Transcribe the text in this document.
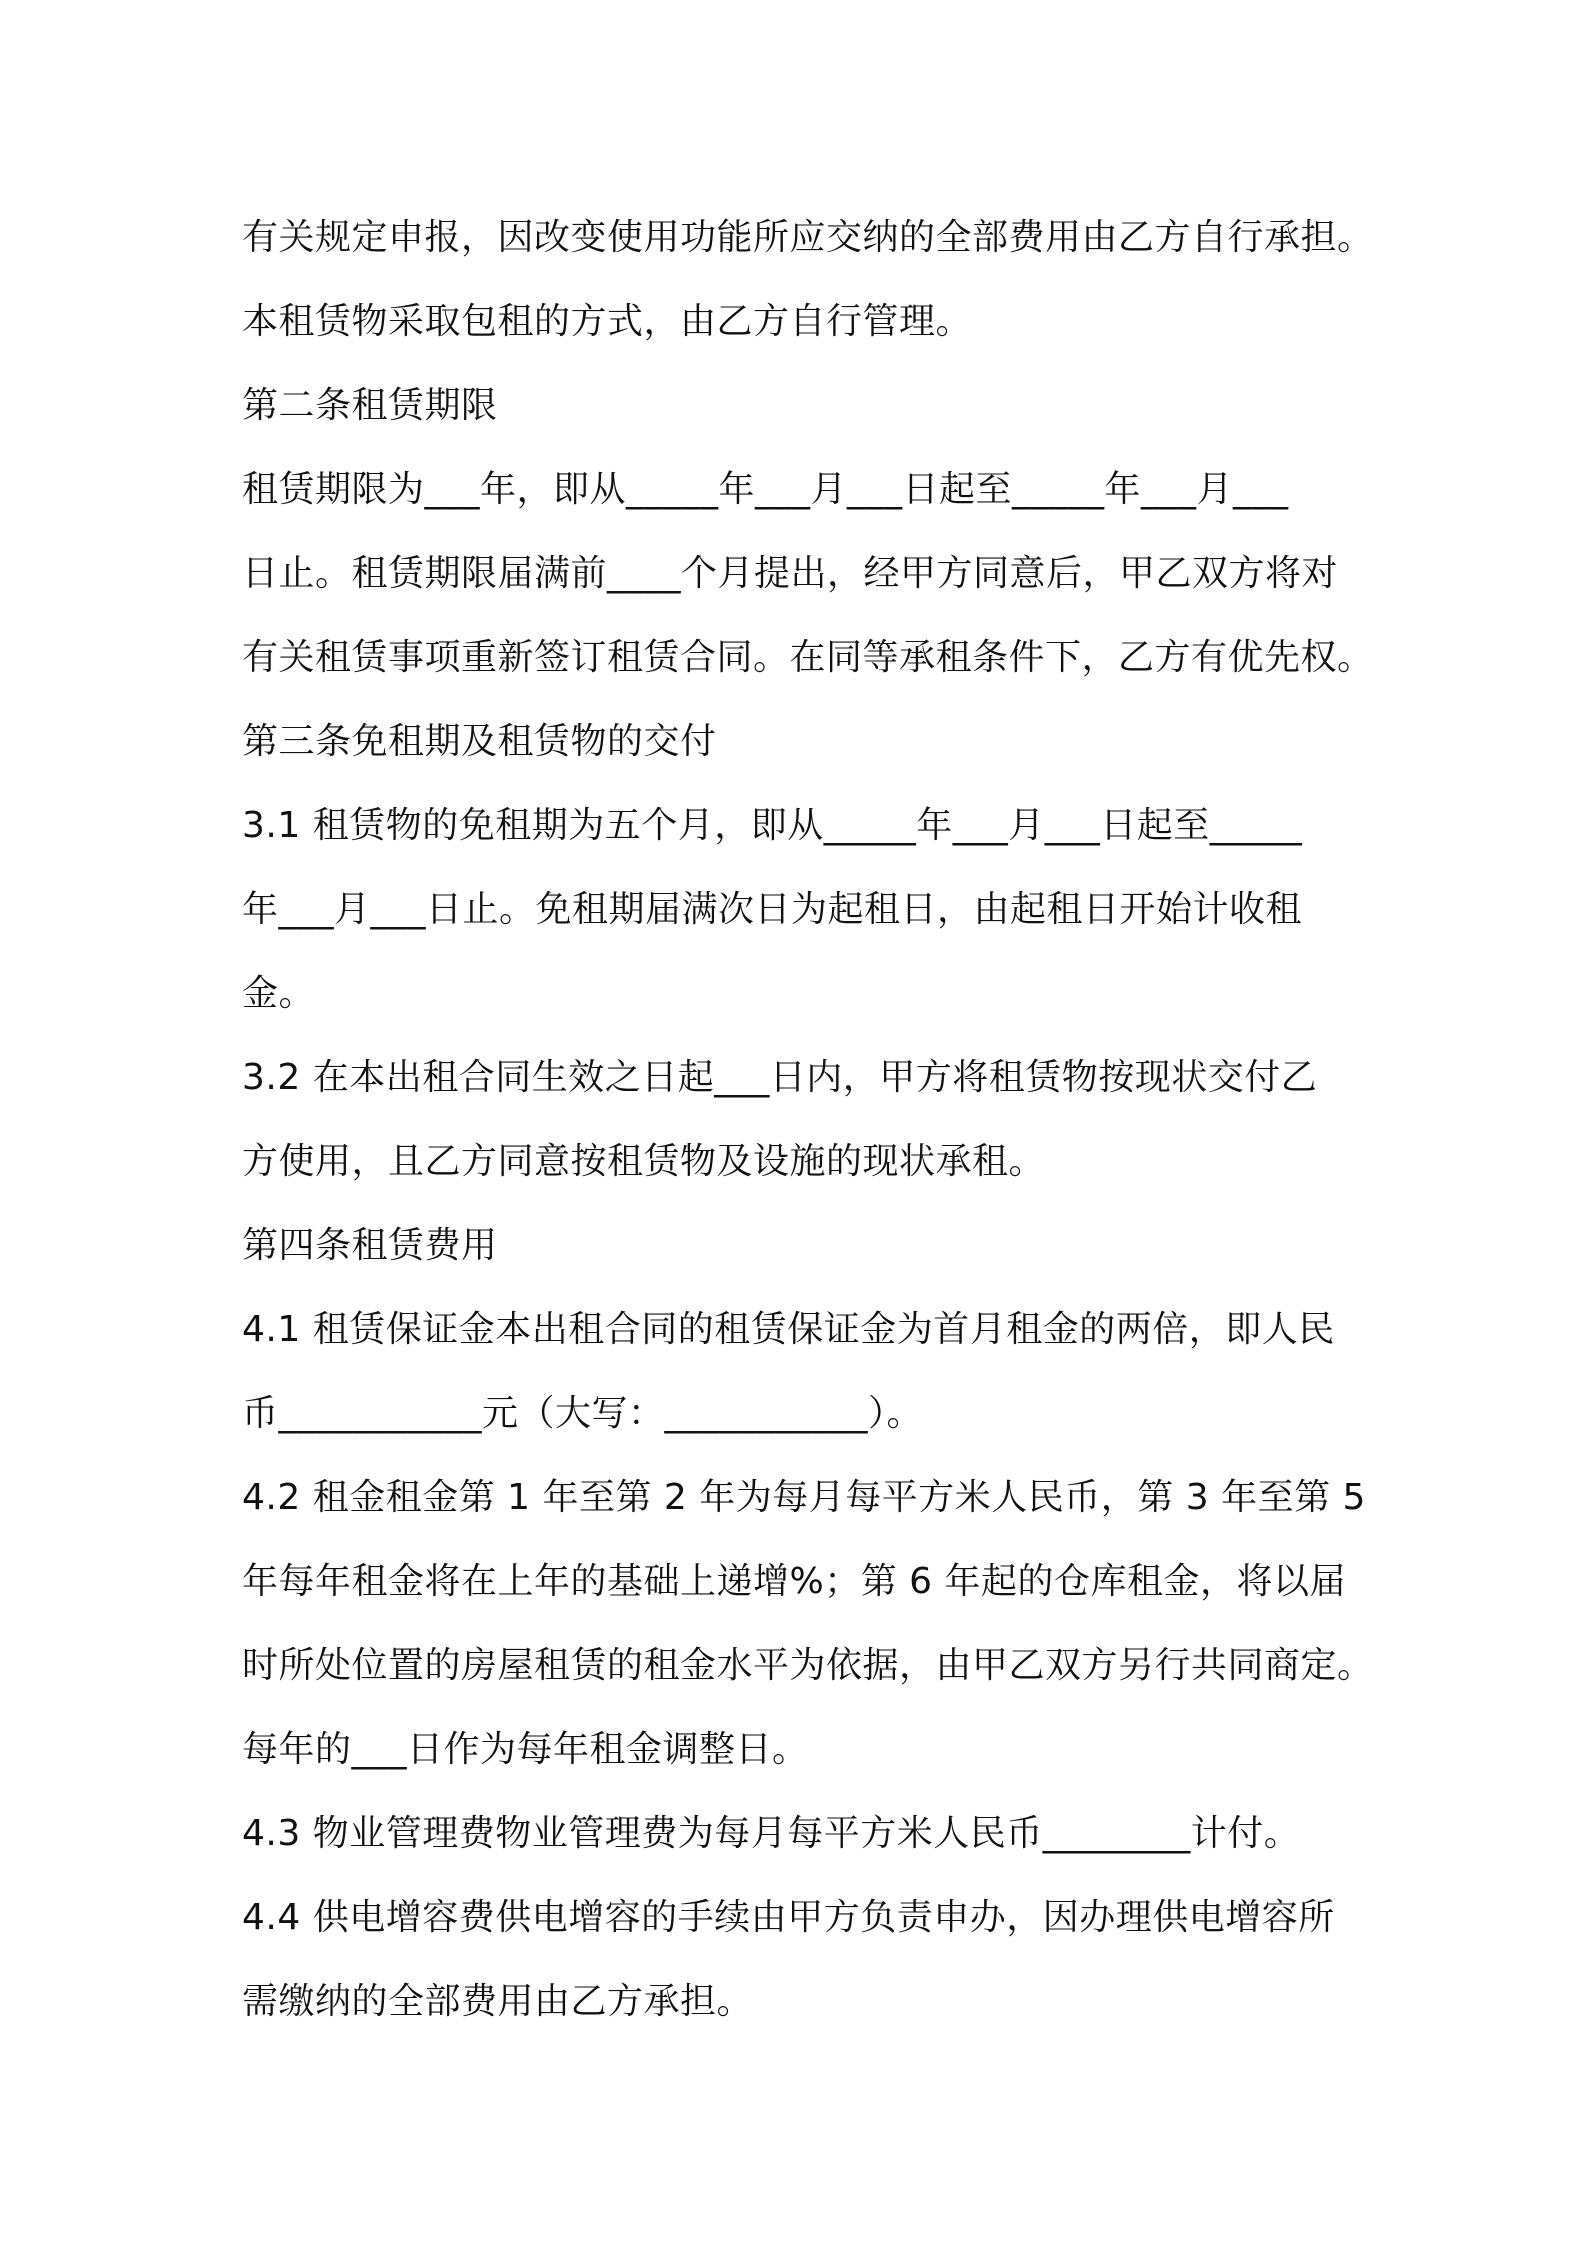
有关规定申报，因改变使用功能所应交纳的全部费用由乙方自行承担。
本租赁物采取包租的方式，由乙方自行管理。
第二条租赁期限
租赁期限为___年，即从_____年___月___日起至_____年___月___
日止。租赁期限届满前____个月提出，经甲方同意后，甲乙双方将对
有关租赁事项重新签订租赁合同。在同等承租条件下，乙方有优先权。
第三条免租期及租赁物的交付
3.1 租赁物的免租期为五个月，即从_____年___月___日起至_____
年___月___日止。免租期届满次日为起租日，由起租日开始计收租
金。
3.2 在本出租合同生效之日起___日内，甲方将租赁物按现状交付乙
方使用，且乙方同意按租赁物及设施的现状承租。
第四条租赁费用
4.1 租赁保证金本出租合同的租赁保证金为首月租金的两倍，即人民
币___________元（大写：___________）。
4.2 租金租金第 1 年至第 2 年为每月每平方米人民币，第 3 年至第 5
年每年租金将在上年的基础上递增%；第 6 年起的仓库租金，将以届
时所处位置的房屋租赁的租金水平为依据，由甲乙双方另行共同商定。
每年的___日作为每年租金调整日。
4.3 物业管理费物业管理费为每月每平方米人民币________计付。
4.4 供电增容费供电增容的手续由甲方负责申办，因办理供电增容所
需缴纳的全部费用由乙方承担。
